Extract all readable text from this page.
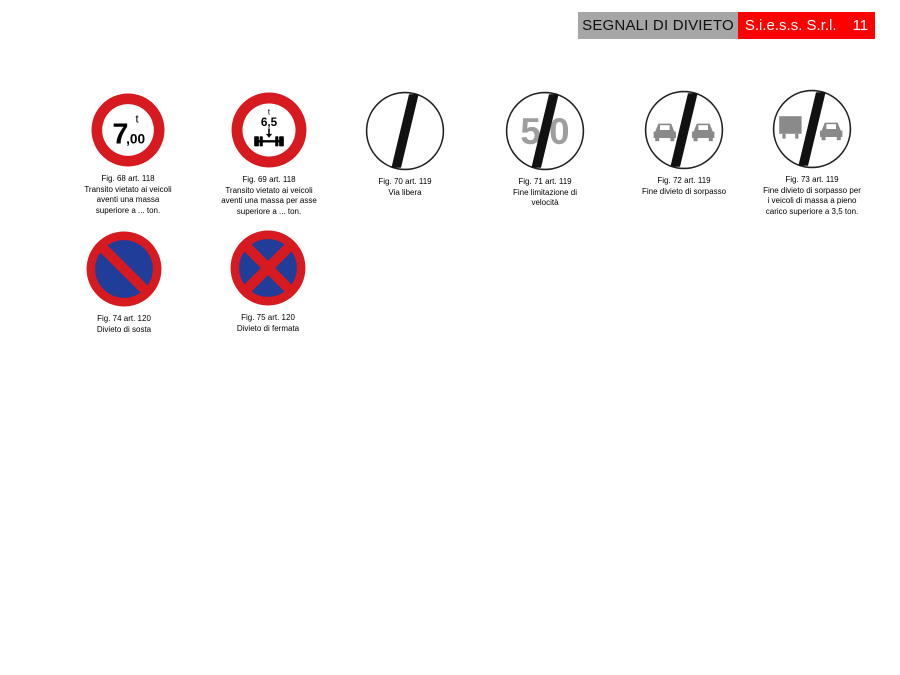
SEGNALI DI DIVIETO S.i.e.s.s. S.r.l. 11
7 t
,00
Fig. 68 art. 118
Transito vietato ai veicoli
aventi una massa
superiore a ... ton.
t
6,5
Fig. 69 art. 118
Transito vietato ai veicoli
aventi una massa per asse
superiore a ... ton.
Fig. 70 art. 119
Via libera
5 0
Fig. 71 art. 119
Fine limitazione di
velocità
Fig. 72 art. 119
Fine divieto di sorpasso
Fig. 73 art. 119
Fine divieto di sorpasso per
i veicoli di massa a pieno
carico superiore a 3,5 ton.
Fig. 74 art. 120
Divieto di sosta
Fig. 75 art. 120
Divieto di fermata
